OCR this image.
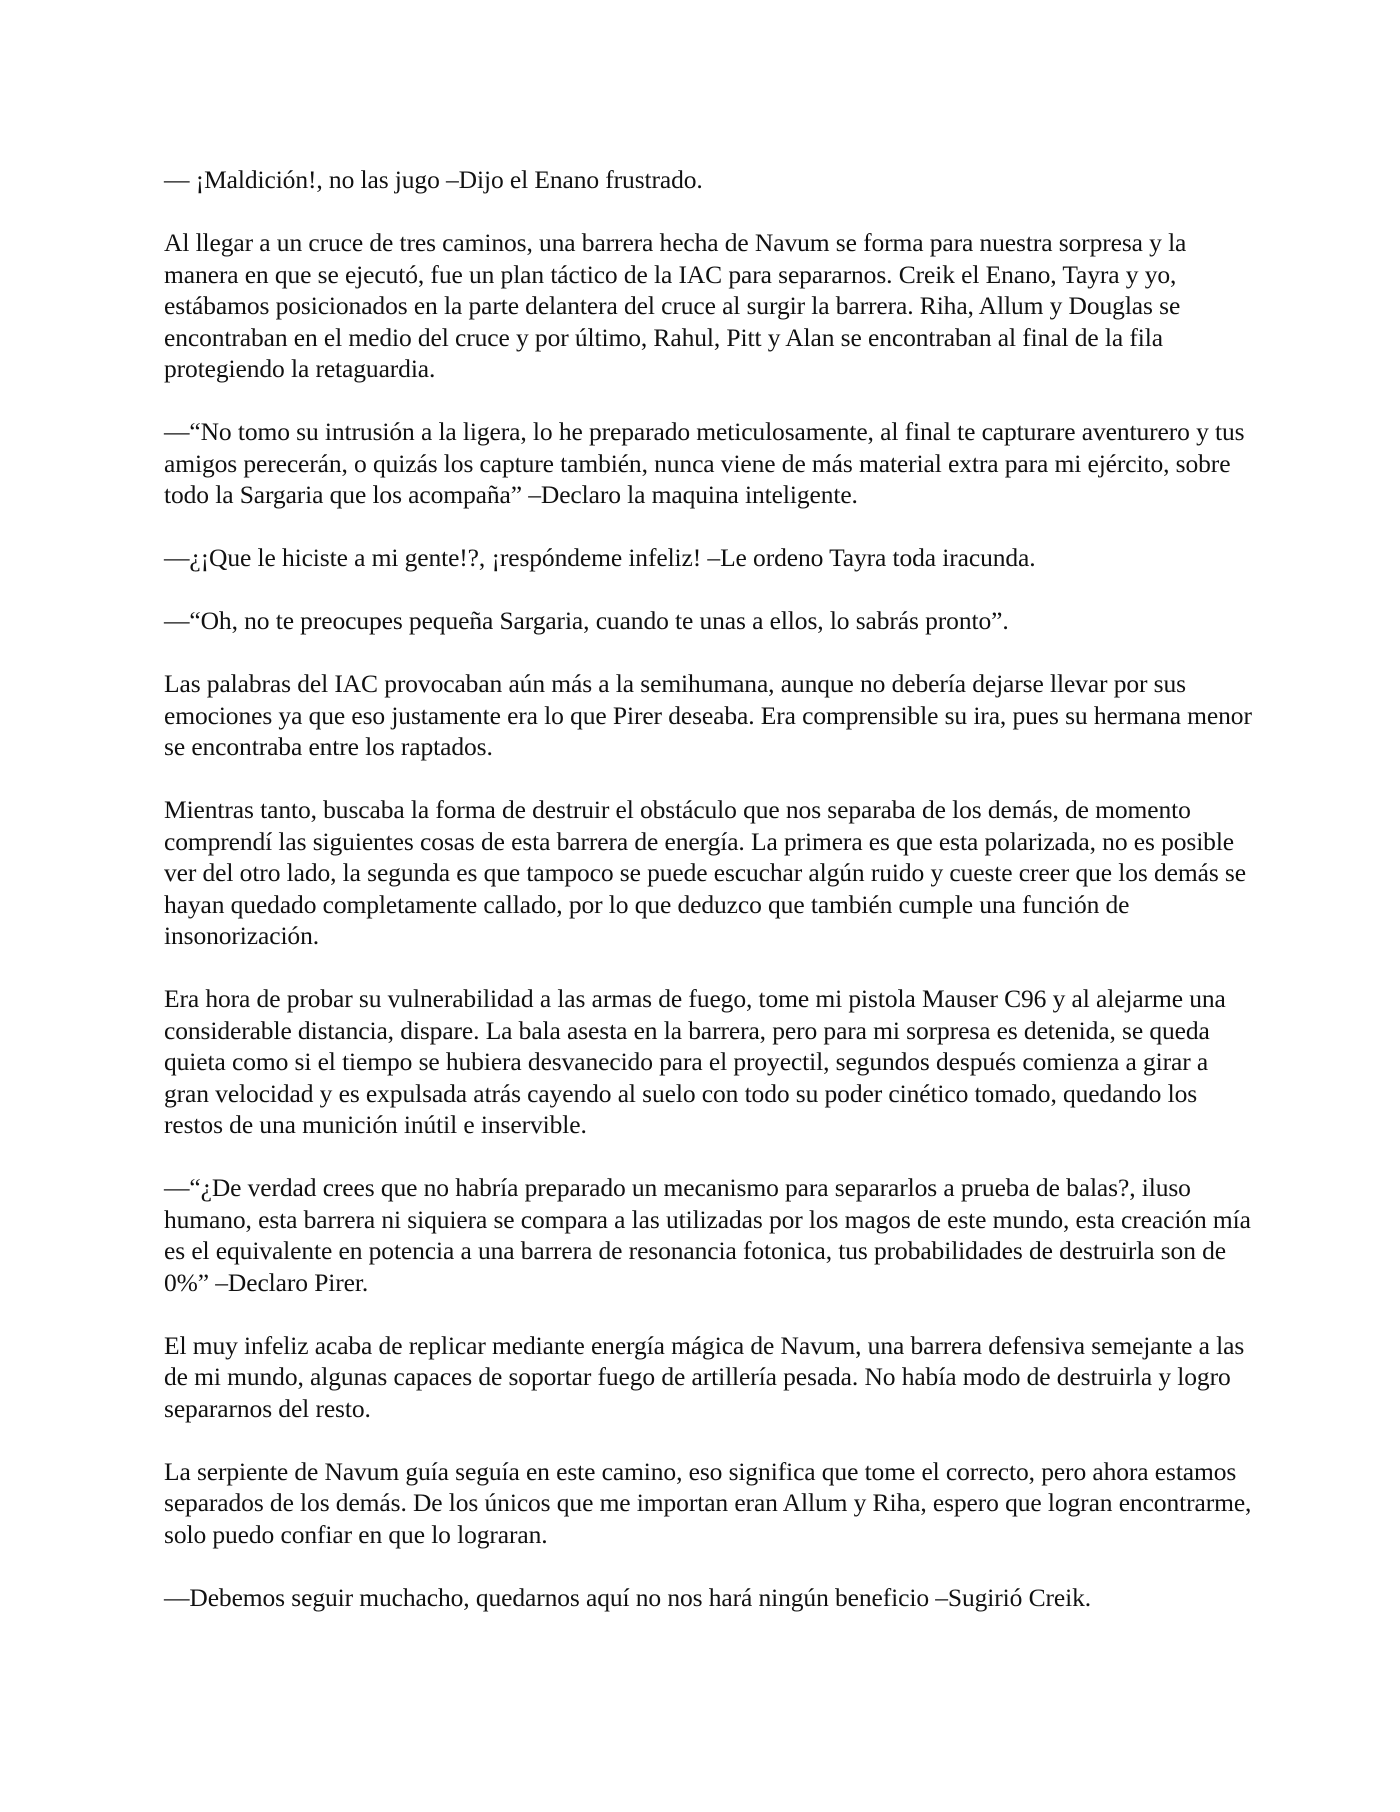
— ¡Maldición!, no las jugo –Dijo el Enano frustrado.

Al llegar a un cruce de tres caminos, una barrera hecha de Navum se forma para nuestra sorpresa y la manera en que se ejecutó, fue un plan táctico de la IAC para separarnos. Creik el Enano, Tayra y yo, estábamos posicionados en la parte delantera del cruce al surgir la barrera. Riha, Allum y Douglas se encontraban en el medio del cruce y por último, Rahul, Pitt y Alan se encontraban al final de la fila protegiendo la retaguardia.

—“No tomo su intrusión a la ligera, lo he preparado meticulosamente, al final te capturare aventurero y tus amigos perecerán, o quizás los capture también, nunca viene de más material extra para mi ejército, sobre todo la Sargaria que los acompaña” –Declaro la maquina inteligente.

—¿¡Que le hiciste a mi gente!?, ¡respóndeme infeliz! –Le ordeno Tayra toda iracunda.

—“Oh, no te preocupes pequeña Sargaria, cuando te unas a ellos, lo sabrás pronto”.

Las palabras del IAC provocaban aún más a la semihumana, aunque no debería dejarse llevar por sus emociones ya que eso justamente era lo que Pirer deseaba. Era comprensible su ira, pues su hermana menor se encontraba entre los raptados.

Mientras tanto, buscaba la forma de destruir el obstáculo que nos separaba de los demás, de momento comprendí las siguientes cosas de esta barrera de energía. La primera es que esta polarizada, no es posible ver del otro lado, la segunda es que tampoco se puede escuchar algún ruido y cueste creer que los demás se hayan quedado completamente callado, por lo que deduzco que también cumple una función de insonorización.

Era hora de probar su vulnerabilidad a las armas de fuego, tome mi pistola Mauser C96 y al alejarme una considerable distancia, dispare. La bala asesta en la barrera, pero para mi sorpresa es detenida, se queda quieta como si el tiempo se hubiera desvanecido para el proyectil, segundos después comienza a girar a gran velocidad y es expulsada atrás cayendo al suelo con todo su poder cinético tomado, quedando los restos de una munición inútil e inservible.

—“¿De verdad crees que no habría preparado un mecanismo para separarlos a prueba de balas?, iluso humano, esta barrera ni siquiera se compara a las utilizadas por los magos de este mundo, esta creación mía es el equivalente en potencia a una barrera de resonancia fotonica, tus probabilidades de destruirla son de 0%” –Declaro Pirer.

El muy infeliz acaba de replicar mediante energía mágica de Navum, una barrera defensiva semejante a las de mi mundo, algunas capaces de soportar fuego de artillería pesada. No había modo de destruirla y logro separarnos del resto.

La serpiente de Navum guía seguía en este camino, eso significa que tome el correcto, pero ahora estamos separados de los demás. De los únicos que me importan eran Allum y Riha, espero que logran encontrarme, solo puedo confiar en que lo lograran.

—Debemos seguir muchacho, quedarnos aquí no nos hará ningún beneficio –Sugirió Creik.
